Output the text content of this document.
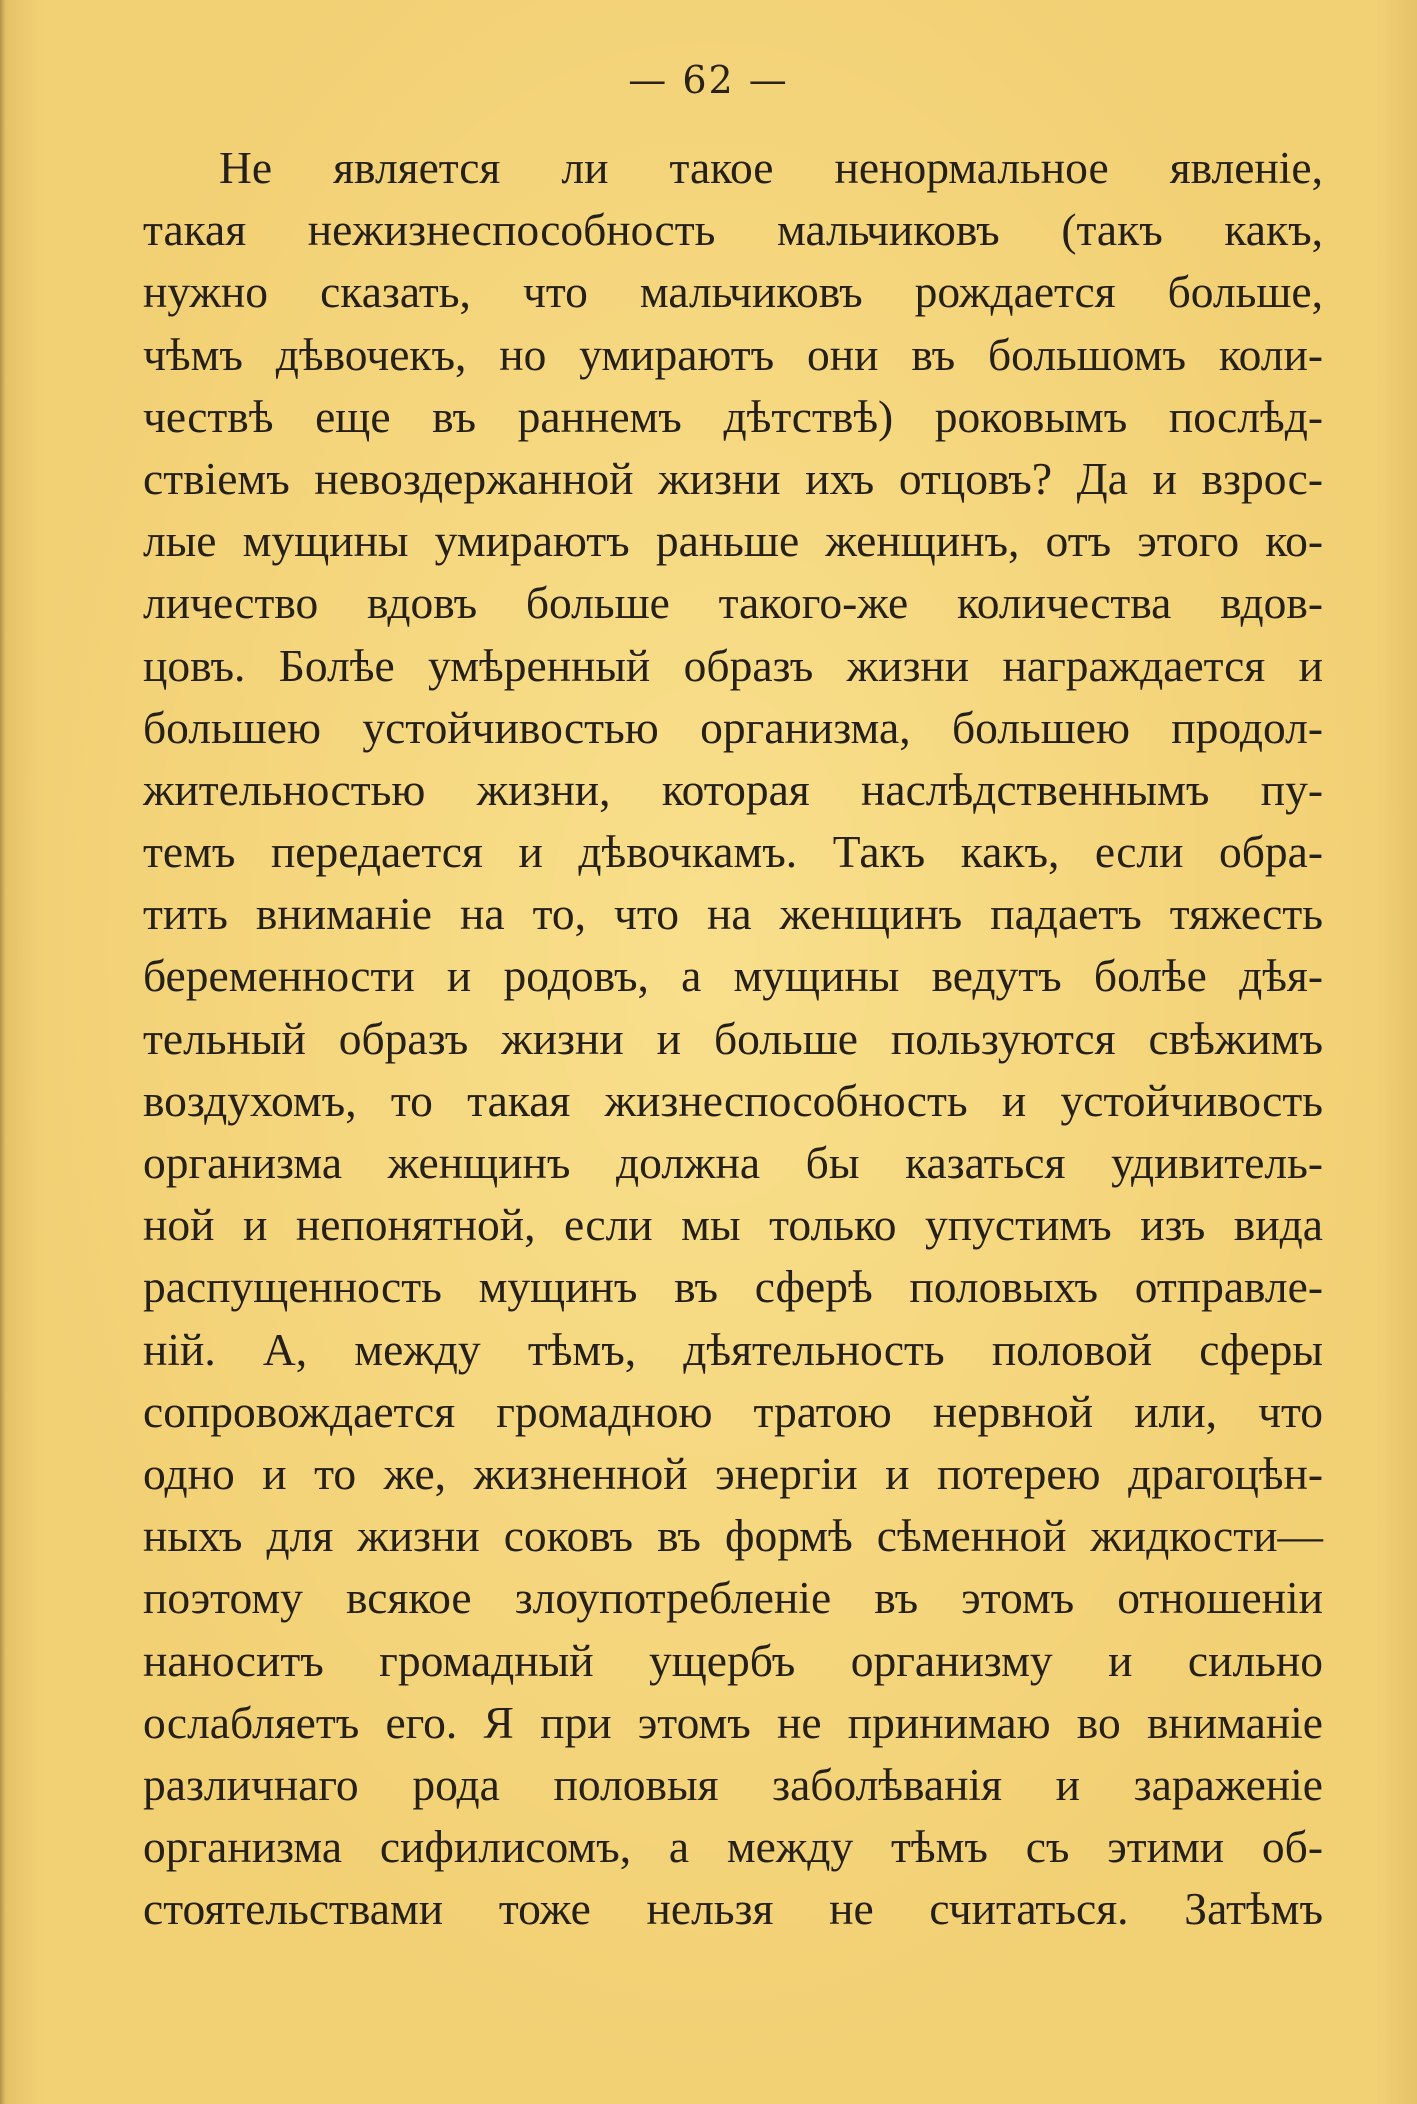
— 62 —
Не является ли такое ненормальное явленіе,
такая нежизнеспособность мальчиковъ (такъ какъ,
нужно сказать, что мальчиковъ рождается больше,
чѣмъ дѣвочекъ, но умираютъ они въ большомъ коли-
чествѣ еще въ раннемъ дѣтствѣ) роковымъ послѣд-
ствіемъ невоздержанной жизни ихъ отцовъ? Да и взрос-
лые мущины умираютъ раньше женщинъ, отъ этого ко-
личество вдовъ больше такого-же количества вдов-
цовъ. Болѣе умѣренный образъ жизни награждается и
большею устойчивостью организма, большею продол-
жительностью жизни, которая наслѣдственнымъ пу-
темъ передается и дѣвочкамъ. Такъ какъ, если обра-
тить вниманіе на то, что на женщинъ падаетъ тяжесть
беременности и родовъ, а мущины ведутъ болѣе дѣя-
тельный образъ жизни и больше пользуются свѣжимъ
воздухомъ, то такая жизнеспособность и устойчивость
организма женщинъ должна бы казаться удивитель-
ной и непонятной, если мы только упустимъ изъ вида
распущенность мущинъ въ сферѣ половыхъ отправле-
ній. А, между тѣмъ, дѣятельность половой сферы
сопровождается громадною тратою нервной или, что
одно и то же, жизненной энергіи и потерею драгоцѣн-
ныхъ для жизни соковъ въ формѣ сѣменной жидкости—
поэтому всякое злоупотребленіе въ этомъ отношеніи
наноситъ громадный ущербъ организму и сильно
ослабляетъ его. Я при этомъ не принимаю во вниманіе
различнаго рода половыя заболѣванія и зараженіе
организма сифилисомъ, а между тѣмъ съ этими об-
стоятельствами тоже нельзя не считаться. Затѣмъ
